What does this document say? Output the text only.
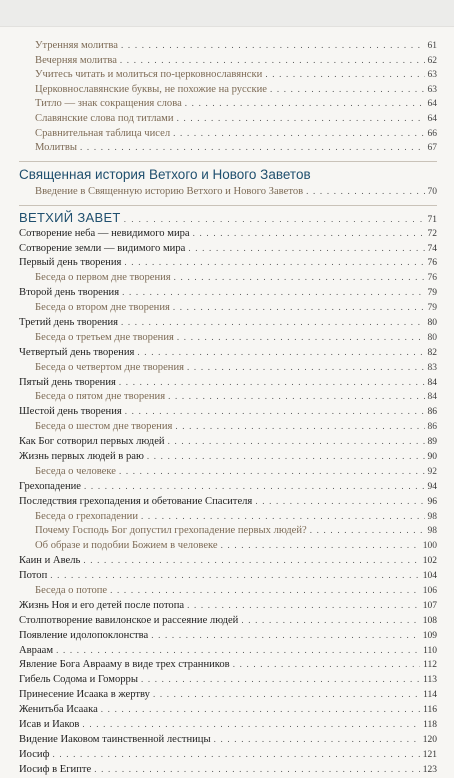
Утренняя молитва . . .	61
Вечерняя молитва . . .	62
Учитесь читать и молиться по-церковнославянски . . .	63
Церковнославянские буквы, не похожие на русские . . .	63
Титло — знак сокращения слова . . .	64
Славянские слова под титлами . . .	64
Сравнительная таблица чисел . . .	66
Молитвы . . .	67
Священная история Ветхого и Нового Заветов
Введение в Священную историю Ветхого и Нового Заветов . . .	70
ВЕТХИЙ ЗАВЕТ . . .	71
Сотворение неба — невидимого мира . . .	72
Сотворение земли — видимого мира . . .	74
Первый день творения . . .	76
Беседа о первом дне творения . . .	76
Второй день творения . . .	79
Беседа о втором дне творения . . .	79
Третий день творения . . .	80
Беседа о третьем дне творения . . .	80
Четвертый день творения . . .	82
Беседа о четвертом дне творения . . .	83
Пятый день творения . . .	84
Беседа о пятом дне творения . . .	84
Шестой день творения . . .	86
Беседа о шестом дне творения . . .	86
Как Бог сотворил первых людей . . .	89
Жизнь первых людей в раю . . .	90
Беседа о человеке . . .	92
Грехопадение . . .	94
Последствия грехопадения и обетование Спасителя . . .	96
Беседа о грехопадении . . .	98
Почему Господь Бог допустил грехопадение первых людей? . . .	98
Об образе и подобии Божием в человеке . . .	100
Каин и Авель . . .	102
Потоп . . .	104
Беседа о потопе . . .	106
Жизнь Ноя и его детей после потопа . . .	107
Столпотворение вавилонское и рассеяние людей . . .	108
Появление идолопоклонства . . .	109
Авраам . . .	110
Явление Бога Аврааму в виде трех странников . . .	112
Гибель Содома и Гоморры . . .	113
Принесение Исаака в жертву . . .	114
Женитьба Исаака . . .	116
Исав и Иаков . . .	118
Видение Иаковом таинственной лестницы . . .	120
Иосиф . . .	121
Иосиф в Египте . . .	123
